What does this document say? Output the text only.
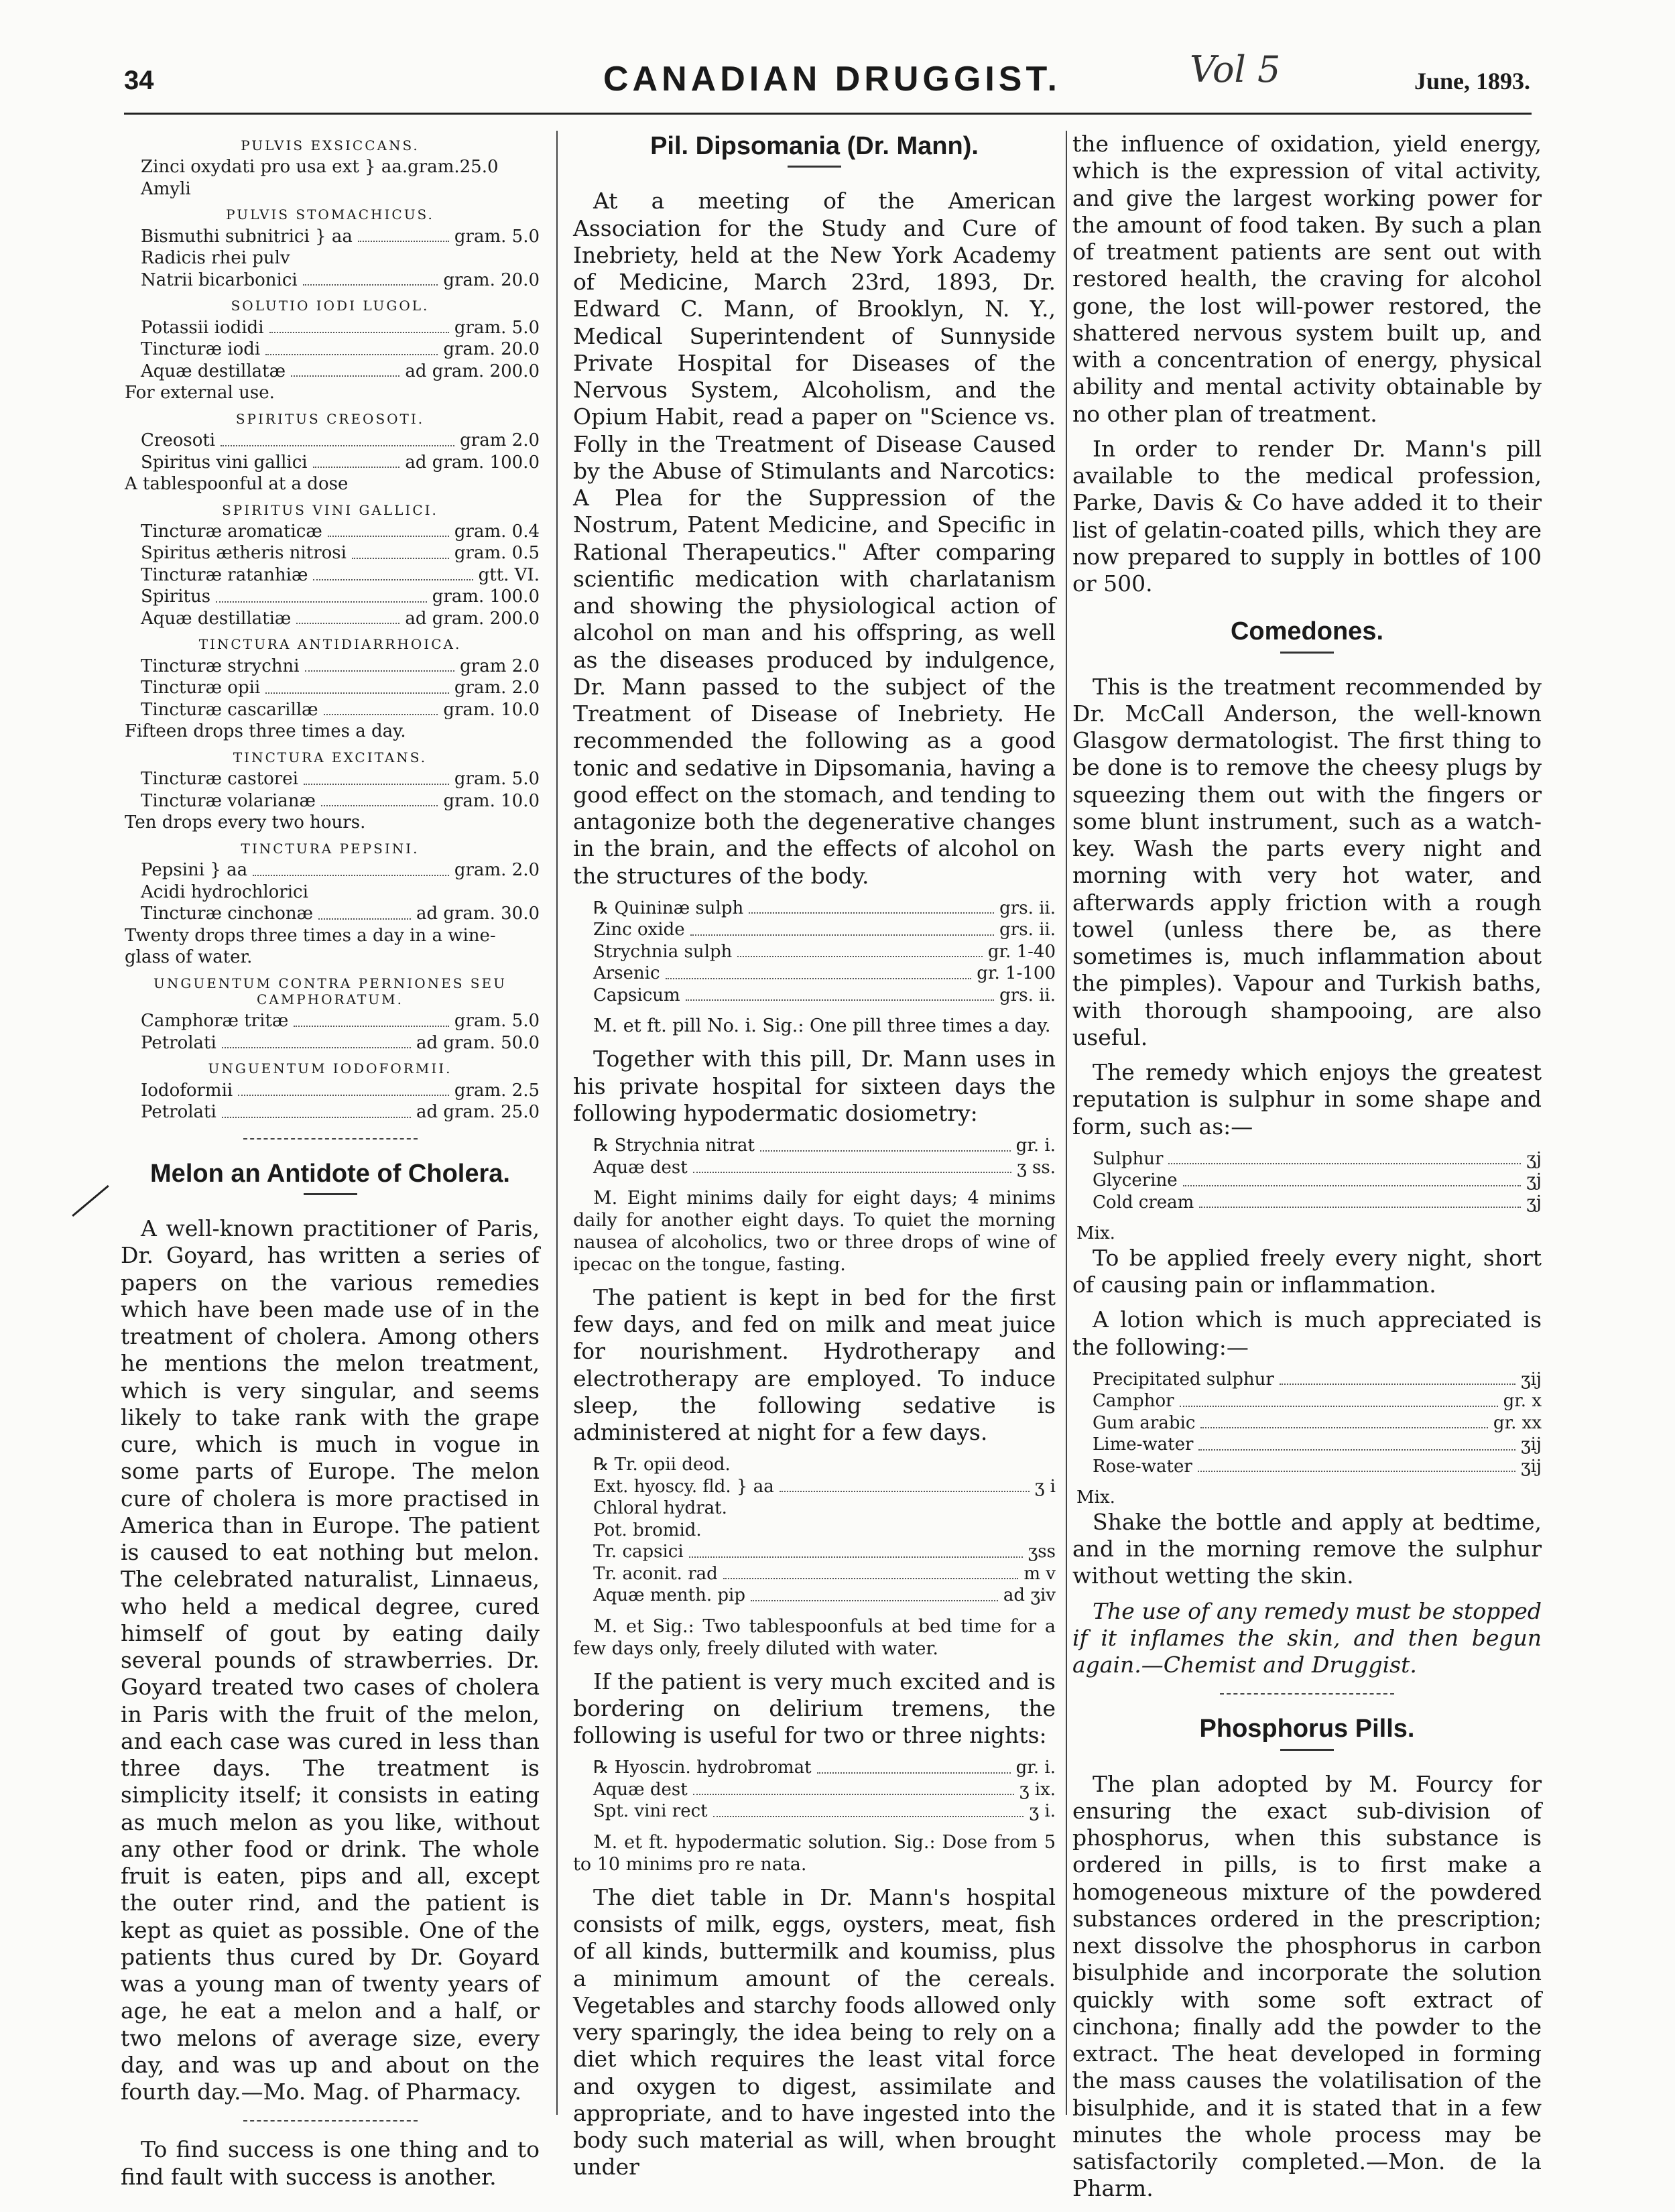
34	CANADIAN DRUGGIST.	Vol 5	June, 1893.
PULVIS EXSICCANS.
Zinci oxydati pro usa ext } aa.gram.25.0
Amyli
PULVIS STOMACHICUS.
Bismuthi subnitrici } aa	gram. 5.0
Radicis rhei pulv
Natrii bicarbonici	gram. 20.0
SOLUTIO IODI LUGOL.
Potassii iodidi	gram. 5.0
Tincturæ iodi	gram. 20.0
Aquæ destillatæ	ad gram. 200.0
For external use.
SPIRITUS CREOSOTI.
Creosoti	gram 2.0
Spiritus vini gallici	ad gram. 100.0
A tablespoonful at a dose
SPIRITUS VINI GALLICI.
Tincturæ aromaticæ	gram. 0.4
Spiritus ætheris nitrosi	gram. 0.5
Tincturæ ratanhiæ	gtt. VI.
Spiritus	gram. 100.0
Aquæ destillatiæ	ad gram. 200.0
TINCTURA ANTIDIARRHOICA.
Tincturæ strychni	gram 2.0
Tincturæ opii	gram. 2.0
Tincturæ cascarillæ	gram. 10.0
Fifteen drops three times a day.
TINCTURA EXCITANS.
Tincturæ castorei	gram. 5.0
Tincturæ volarianæ	gram. 10.0
Ten drops every two hours.
TINCTURA PEPSINI.
Pepsini } aa	gram. 2.0
Acidi hydrochlorici
Tincturæ cinchonæ	ad gram. 30.0
Twenty drops three times a day in a wine-glass of water.
UNGUENTUM CONTRA PERNIONES SEU CAMPHORATUM.
Camphoræ tritæ	gram. 5.0
Petrolati	ad gram. 50.0
UNGUENTUM IODOFORMII.
Iodoformii	gram. 2.5
Petrolati	ad gram. 25.0
Melon an Antidote of Cholera.

A well-known practitioner of Paris, Dr. Goyard, has written a series of papers on the various remedies which have been made use of in the treatment of cholera. Among others he mentions the melon treatment, which is very singular, and seems likely to take rank with the grape cure, which is much in vogue in some parts of Europe. The melon cure of cholera is more practised in America than in Europe. The patient is caused to eat nothing but melon. The celebrated naturalist, Linnaeus, who held a medical degree, cured himself of gout by eating daily several pounds of strawberries. Dr. Goyard treated two cases of cholera in Paris with the fruit of the melon, and each case was cured in less than three days. The treatment is simplicity itself; it consists in eating as much melon as you like, without any other food or drink. The whole fruit is eaten, pips and all, except the outer rind, and the patient is kept as quiet as possible. One of the patients thus cured by Dr. Goyard was a young man of twenty years of age, he eat a melon and a half, or two melons of average size, every day, and was up and about on the fourth day.—Mo. Mag. of Pharmacy.

To find success is one thing and to find fault with success is another.

Pil. Dipsomania (Dr. Mann).

At a meeting of the American Association for the Study and Cure of Inebriety, held at the New York Academy of Medicine, March 23rd, 1893, Dr. Edward C. Mann, of Brooklyn, N. Y., Medical Superintendent of Sunnyside Private Hospital for Diseases of the Nervous System, Alcoholism, and the Opium Habit, read a paper on "Science vs. Folly in the Treatment of Disease Caused by the Abuse of Stimulants and Narcotics: A Plea for the Suppression of the Nostrum, Patent Medicine, and Specific in Rational Therapeutics." After comparing scientific medication with charlatanism and showing the physiological action of alcohol on man and his offspring, as well as the diseases produced by indulgence, Dr. Mann passed to the subject of the Treatment of Disease of Inebriety. He recommended the following as a good tonic and sedative in Dipsomania, having a good effect on the stomach, and tending to antagonize both the degenerative changes in the brain, and the effects of alcohol on the structures of the body.

℞ Quininæ sulph	grs. ii.
Zinc oxide	grs. ii.
Strychnia sulph	gr. 1-40
Arsenic	gr. 1-100
Capsicum	grs. ii.

M. et ft. pill No. i. Sig.: One pill three times a day.

Together with this pill, Dr. Mann uses in his private hospital for sixteen days the following hypodermatic dosiometry:

℞ Strychnia nitrat	gr. i.
Aquæ dest	ʒ ss.

M. Eight minims daily for eight days; 4 minims daily for another eight days. To quiet the morning nausea of alcoholics, two or three drops of wine of ipecac on the tongue, fasting.

The patient is kept in bed for the first few days, and fed on milk and meat juice for nourishment. Hydrotherapy and electrotherapy are employed. To induce sleep, the following sedative is administered at night for a few days.

℞ Tr. opii deod.
Ext. hyoscy. fld. } aa	ʒ i
Chloral hydrat.
Pot. bromid.
Tr. capsici	ʒss
Tr. aconit. rad	m v
Aquæ menth. pip	ad ʒiv

M. et Sig.: Two tablespoonfuls at bed time for a few days only, freely diluted with water.

If the patient is very much excited and is bordering on delirium tremens, the following is useful for two or three nights:

℞ Hyoscin. hydrobromat	gr. i.
Aquæ dest	ʒ ix.
Spt. vini rect	ʒ i.

M. et ft. hypodermatic solution. Sig.: Dose from 5 to 10 minims pro re nata.

The diet table in Dr. Mann's hospital consists of milk, eggs, oysters, meat, fish of all kinds, buttermilk and koumiss, plus a minimum amount of the cereals. Vegetables and starchy foods allowed only very sparingly, the idea being to rely on a diet which requires the least vital force and oxygen to digest, assimilate and appropriate, and to have ingested into the body such material as will, when brought under

the influence of oxidation, yield energy, which is the expression of vital activity, and give the largest working power for the amount of food taken. By such a plan of treatment patients are sent out with restored health, the craving for alcohol gone, the lost will-power restored, the shattered nervous system built up, and with a concentration of energy, physical ability and mental activity obtainable by no other plan of treatment.

In order to render Dr. Mann's pill available to the medical profession, Parke, Davis & Co have added it to their list of gelatin-coated pills, which they are now prepared to supply in bottles of 100 or 500.

Comedones.

This is the treatment recommended by Dr. McCall Anderson, the well-known Glasgow dermatologist. The first thing to be done is to remove the cheesy plugs by squeezing them out with the fingers or some blunt instrument, such as a watch-key. Wash the parts every night and morning with very hot water, and afterwards apply friction with a rough towel (unless there be, as there sometimes is, much inflammation about the pimples). Vapour and Turkish baths, with thorough shampooing, are also useful.

The remedy which enjoys the greatest reputation is sulphur in some shape and form, such as:—

Sulphur	ʒj
Glycerine	ʒj
Cold cream	ʒj
Mix.

To be applied freely every night, short of causing pain or inflammation.

A lotion which is much appreciated is the following:—

Precipitated sulphur	ʒij
Camphor	gr. x
Gum arabic	gr. xx
Lime-water	ʒij
Rose-water	ʒij
Mix.

Shake the bottle and apply at bedtime, and in the morning remove the sulphur without wetting the skin.

The use of any remedy must be stopped if it inflames the skin, and then begun again.—Chemist and Druggist.

Phosphorus Pills.

The plan adopted by M. Fourcy for ensuring the exact sub-division of phosphorus, when this substance is ordered in pills, is to first make a homogeneous mixture of the powdered substances ordered in the prescription; next dissolve the phosphorus in carbon bisulphide and incorporate the solution quickly with some soft extract of cinchona; finally add the powder to the extract. The heat developed in forming the mass causes the volatilisation of the bisulphide, and it is stated that in a few minutes the whole process may be satisfactorily completed.—Mon. de la Pharm.
